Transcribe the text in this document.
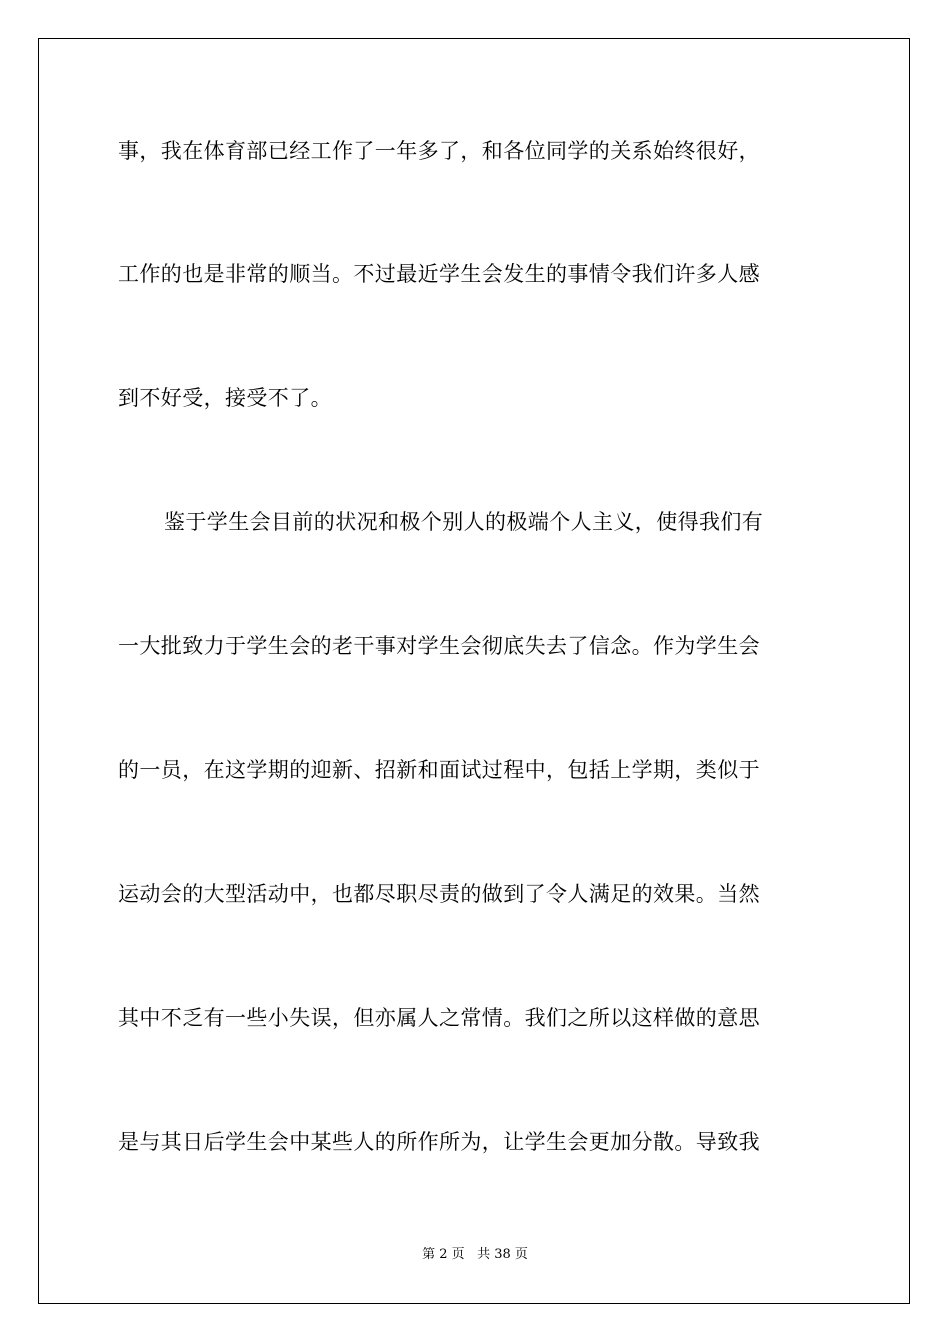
事，我在体育部已经工作了一年多了，和各位同学的关系始终很好，

工作的也是非常的顺当。不过最近学生会发生的事情令我们许多人感

到不好受，接受不了。

鉴于学生会目前的状况和极个别人的极端个人主义，使得我们有

一大批致力于学生会的老干事对学生会彻底失去了信念。作为学生会

的一员，在这学期的迎新、招新和面试过程中，包括上学期，类似于

运动会的大型活动中，也都尽职尽责的做到了令人满足的效果。当然

其中不乏有一些小失误，但亦属人之常情。我们之所以这样做的意思

是与其日后学生会中某些人的所作所为，让学生会更加分散。导致我

第 2 页 共 38 页
